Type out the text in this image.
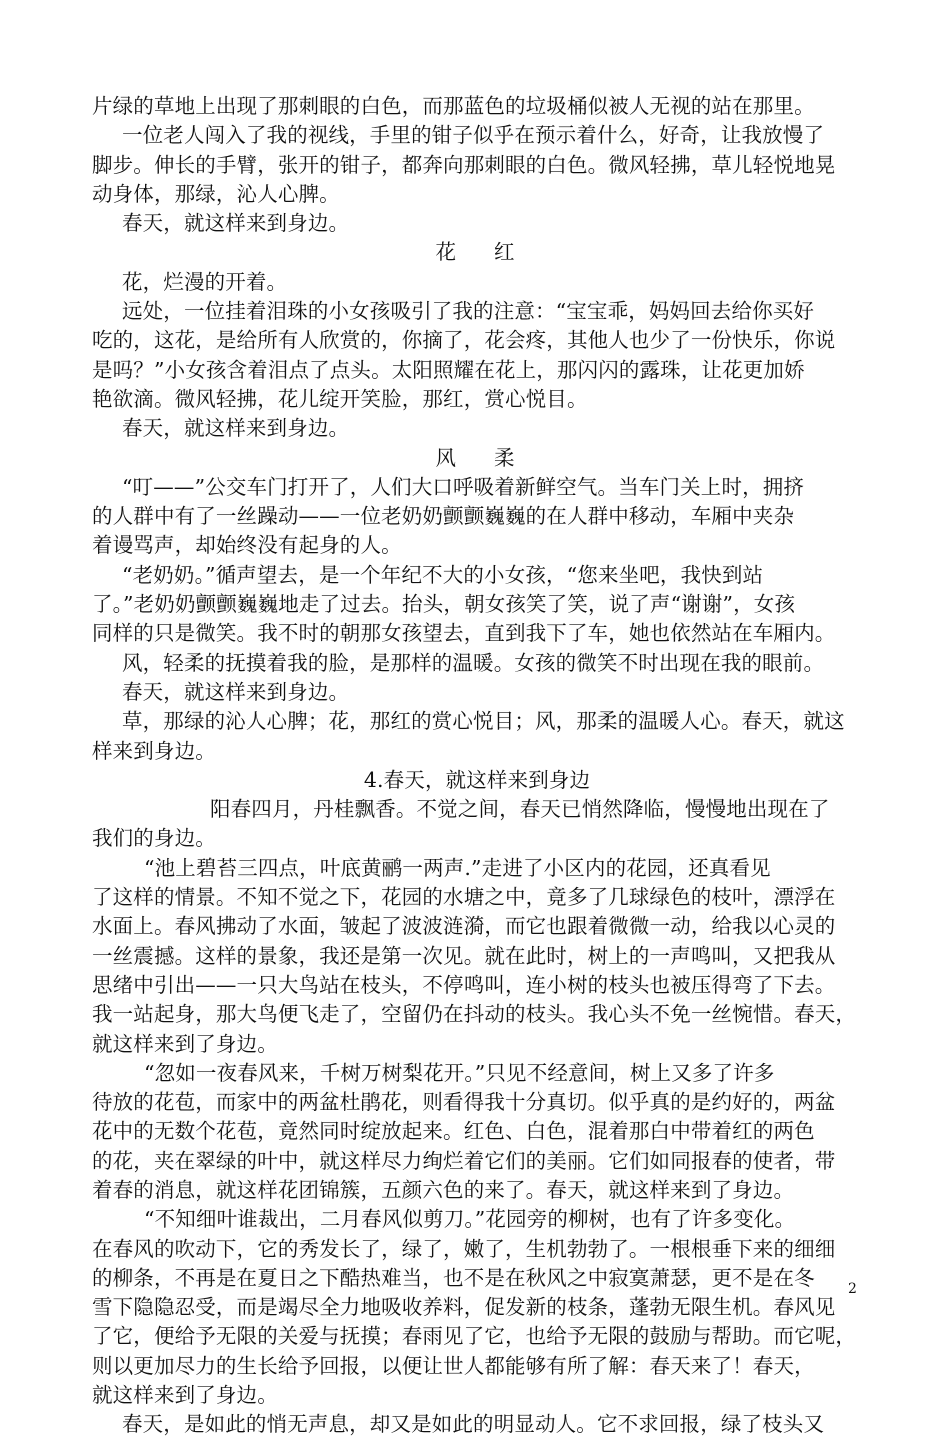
片绿的草地上出现了那刺眼的白色，而那蓝色的垃圾桶似被人无视的站在那里。
一位老人闯入了我的视线，手里的钳子似乎在预示着什么，好奇，让我放慢了
脚步。伸长的手臂，张开的钳子，都奔向那刺眼的白色。微风轻拂，草儿轻悦地晃
动身体，那绿，沁人心脾。
春天，就这样来到身边。
花红
花，烂漫的开着。
远处，一位挂着泪珠的小女孩吸引了我的注意：“宝宝乖，妈妈回去给你买好
吃的，这花，是给所有人欣赏的，你摘了，花会疼，其他人也少了一份快乐，你说
是吗？”小女孩含着泪点了点头。太阳照耀在花上，那闪闪的露珠，让花更加娇
艳欲滴。微风轻拂，花儿绽开笑脸，那红，赏心悦目。
春天，就这样来到身边。
风柔
“叮——”公交车门打开了，人们大口呼吸着新鲜空气。当车门关上时，拥挤
的人群中有了一丝躁动——一位老奶奶颤颤巍巍的在人群中移动，车厢中夹杂
着谩骂声，却始终没有起身的人。
“老奶奶。”循声望去，是一个年纪不大的小女孩，“您来坐吧，我快到站
了。”老奶奶颤颤巍巍地走了过去。抬头，朝女孩笑了笑，说了声“谢谢”，女孩
同样的只是微笑。我不时的朝那女孩望去，直到我下了车，她也依然站在车厢内。
风，轻柔的抚摸着我的脸，是那样的温暖。女孩的微笑不时出现在我的眼前。
春天，就这样来到身边。
草，那绿的沁人心脾；花，那红的赏心悦目；风，那柔的温暖人心。春天，就这
样来到身边。
4.春天，就这样来到身边
阳春四月，丹桂飘香。不觉之间，春天已悄然降临，慢慢地出现在了
我们的身边。
“池上碧苔三四点，叶底黄鹂一两声.”走进了小区内的花园，还真看见
了这样的情景。不知不觉之下，花园的水塘之中，竟多了几球绿色的枝叶，漂浮在
水面上。春风拂动了水面，皱起了波波涟漪，而它也跟着微微一动，给我以心灵的
一丝震撼。这样的景象，我还是第一次见。就在此时，树上的一声鸣叫，又把我从
思绪中引出——一只大鸟站在枝头，不停鸣叫，连小树的枝头也被压得弯了下去。
我一站起身，那大鸟便飞走了，空留仍在抖动的枝头。我心头不免一丝惋惜。春天，
就这样来到了身边。
“忽如一夜春风来，千树万树梨花开。”只见不经意间，树上又多了许多
待放的花苞，而家中的两盆杜鹃花，则看得我十分真切。似乎真的是约好的，两盆
花中的无数个花苞，竟然同时绽放起来。红色、白色，混着那白中带着红的两色
的花，夹在翠绿的叶中，就这样尽力绚烂着它们的美丽。它们如同报春的使者，带
着春的消息，就这样花团锦簇，五颜六色的来了。春天，就这样来到了身边。
“不知细叶谁裁出，二月春风似剪刀。”花园旁的柳树，也有了许多变化。
在春风的吹动下，它的秀发长了，绿了，嫩了，生机勃勃了。一根根垂下来的细细
的柳条，不再是在夏日之下酷热难当，也不是在秋风之中寂寞萧瑟，更不是在冬
雪下隐隐忍受，而是竭尽全力地吸收养料，促发新的枝条，蓬勃无限生机。春风见
了它，便给予无限的关爱与抚摸；春雨见了它，也给予无限的鼓励与帮助。而它呢，
则以更加尽力的生长给予回报，以便让世人都能够有所了解：春天来了！春天，
就这样来到了身边。
春天，是如此的悄无声息，却又是如此的明显动人。它不求回报，绿了枝头又
2
